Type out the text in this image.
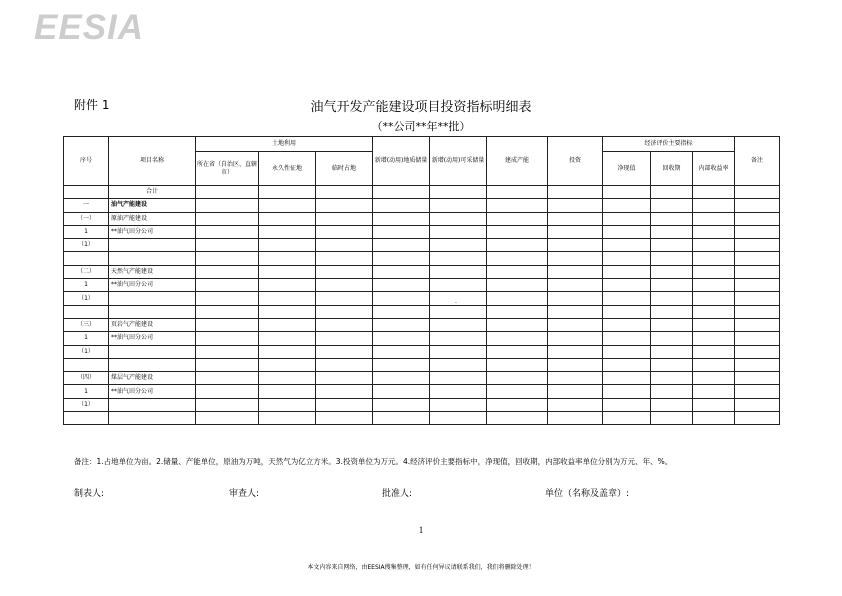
EESIA
附件 1	油气开发产能建设项目投资指标明细表
（**公司**年**批）
序号	项目名称	土地利用			新增(动用)地质储量	新增(动用)可采储量	建成产能	投资	经济评价主要指标			备注
		所在省（自治区、直辖市）	永久性征地	临时占地					净现值	回收期	内部收益率	
	合计											
一	油气产能建设											
（一）	原油产能建设											
1	**油气田分公司											
（1）												

（二）	天然气产能建设											
1	**油气田分公司											
（1）												

（三）	页岩气产能建设											
1	**油气田分公司											
（1）												

（四）	煤层气产能建设											
1	**油气田分公司											
（1）												

.
备注：1.占地单位为亩。2.储量、产能单位，原油为万吨，天然气为亿立方米。3.投资单位为万元。4.经济评价主要指标中，净现值，回收期，内部收益率单位分别为万元、年、%。
制表人:	审查人:	批准人:	单位（名称及盖章）:
1
本文内容来自网络，由EESIA搜集整理，如有任何异议请联系我们，我们将删除处理！
